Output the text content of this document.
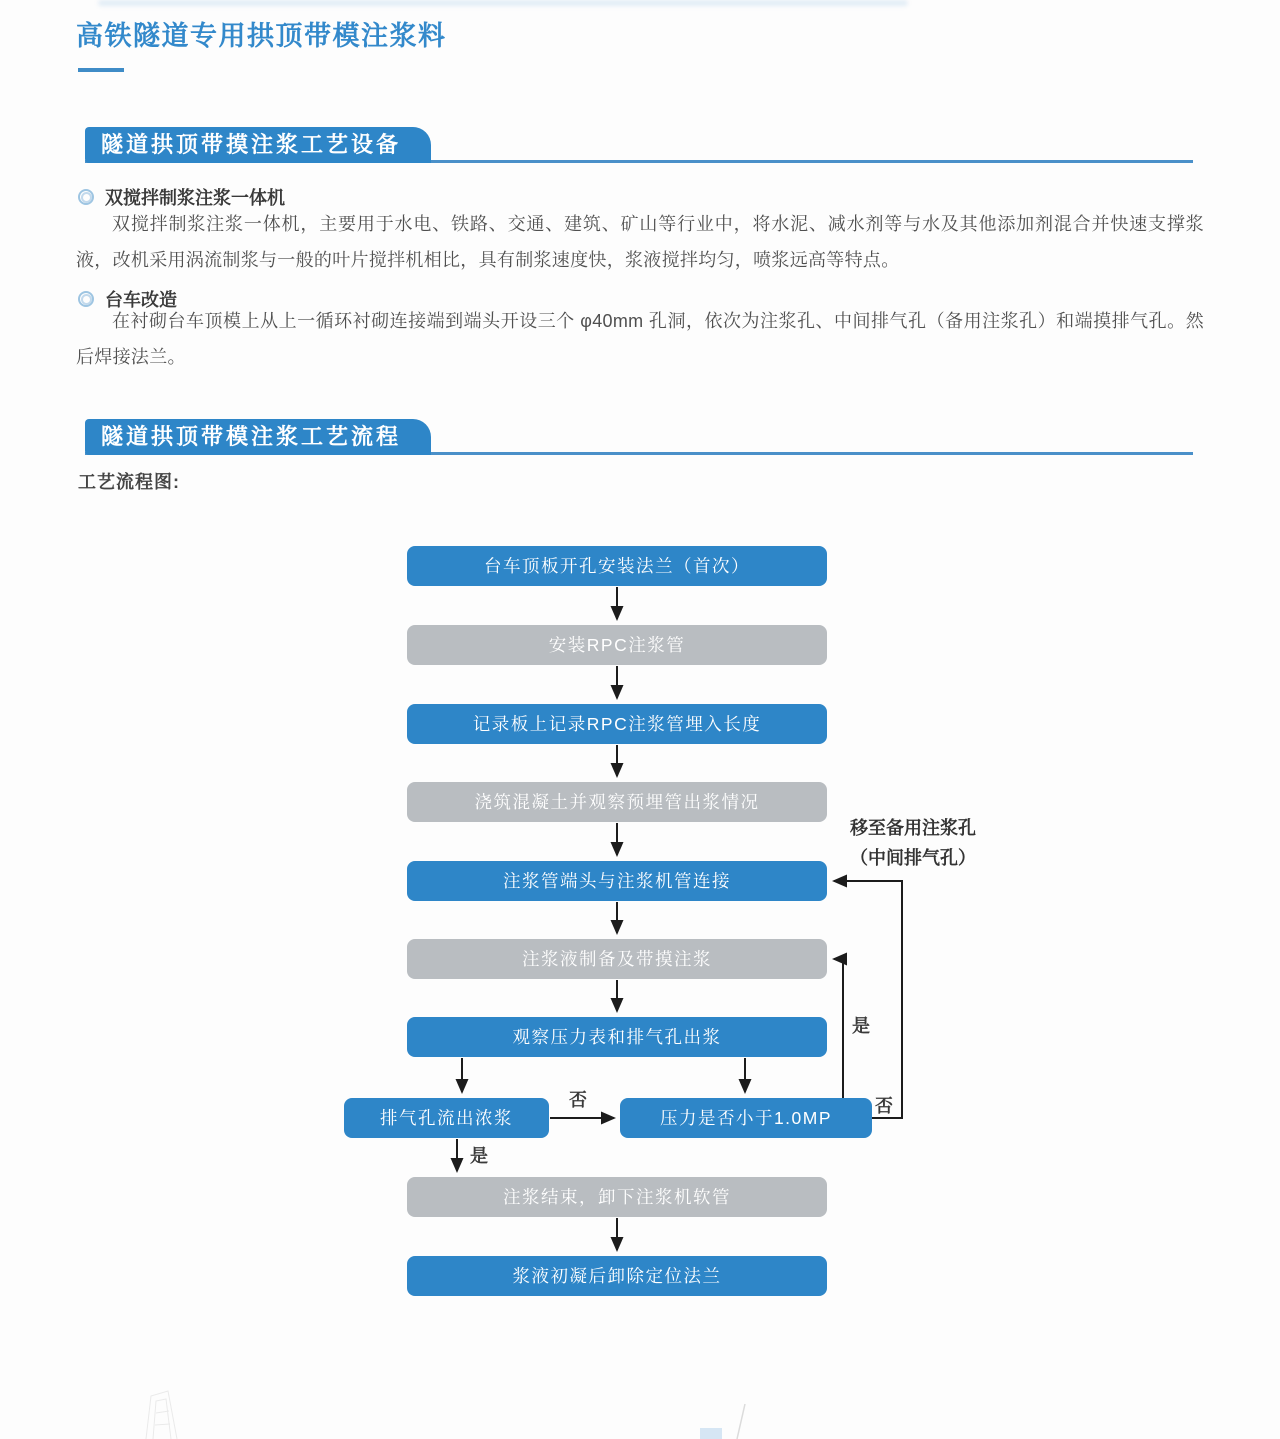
高铁隧道专用拱顶带模注浆料
隧道拱顶带摸注浆工艺设备
双搅拌制浆注浆一体机

双搅拌制浆注浆一体机，主要用于水电、铁路、交通、建筑、矿山等行业中，将水泥、减水剂等与水及其他添加剂混合并快速支撑浆液，改机采用涡流制浆与一般的叶片搅拌机相比，具有制浆速度快，浆液搅拌均匀，喷浆远高等特点。

台车改造

在衬砌台车顶模上从上一循环衬砌连接端到端头开设三个 φ40mm 孔洞，依次为注浆孔、中间排气孔（备用注浆孔）和端摸排气孔。然后焊接法兰。

隧道拱顶带模注浆工艺流程
工艺流程图:
台车顶板开孔安装法兰（首次）
安装RPC注浆管
记录板上记录RPC注浆管埋入长度
浇筑混凝土并观察预埋管出浆情况
注浆管端头与注浆机管连接
注浆液制备及带摸注浆
观察压力表和排气孔出浆
排气孔流出浓浆	压力是否小于1.0MP
注浆结束，卸下注浆机软管
浆液初凝后卸除定位法兰
否
是
是
否
移至备用注浆孔
（中间排气孔）
